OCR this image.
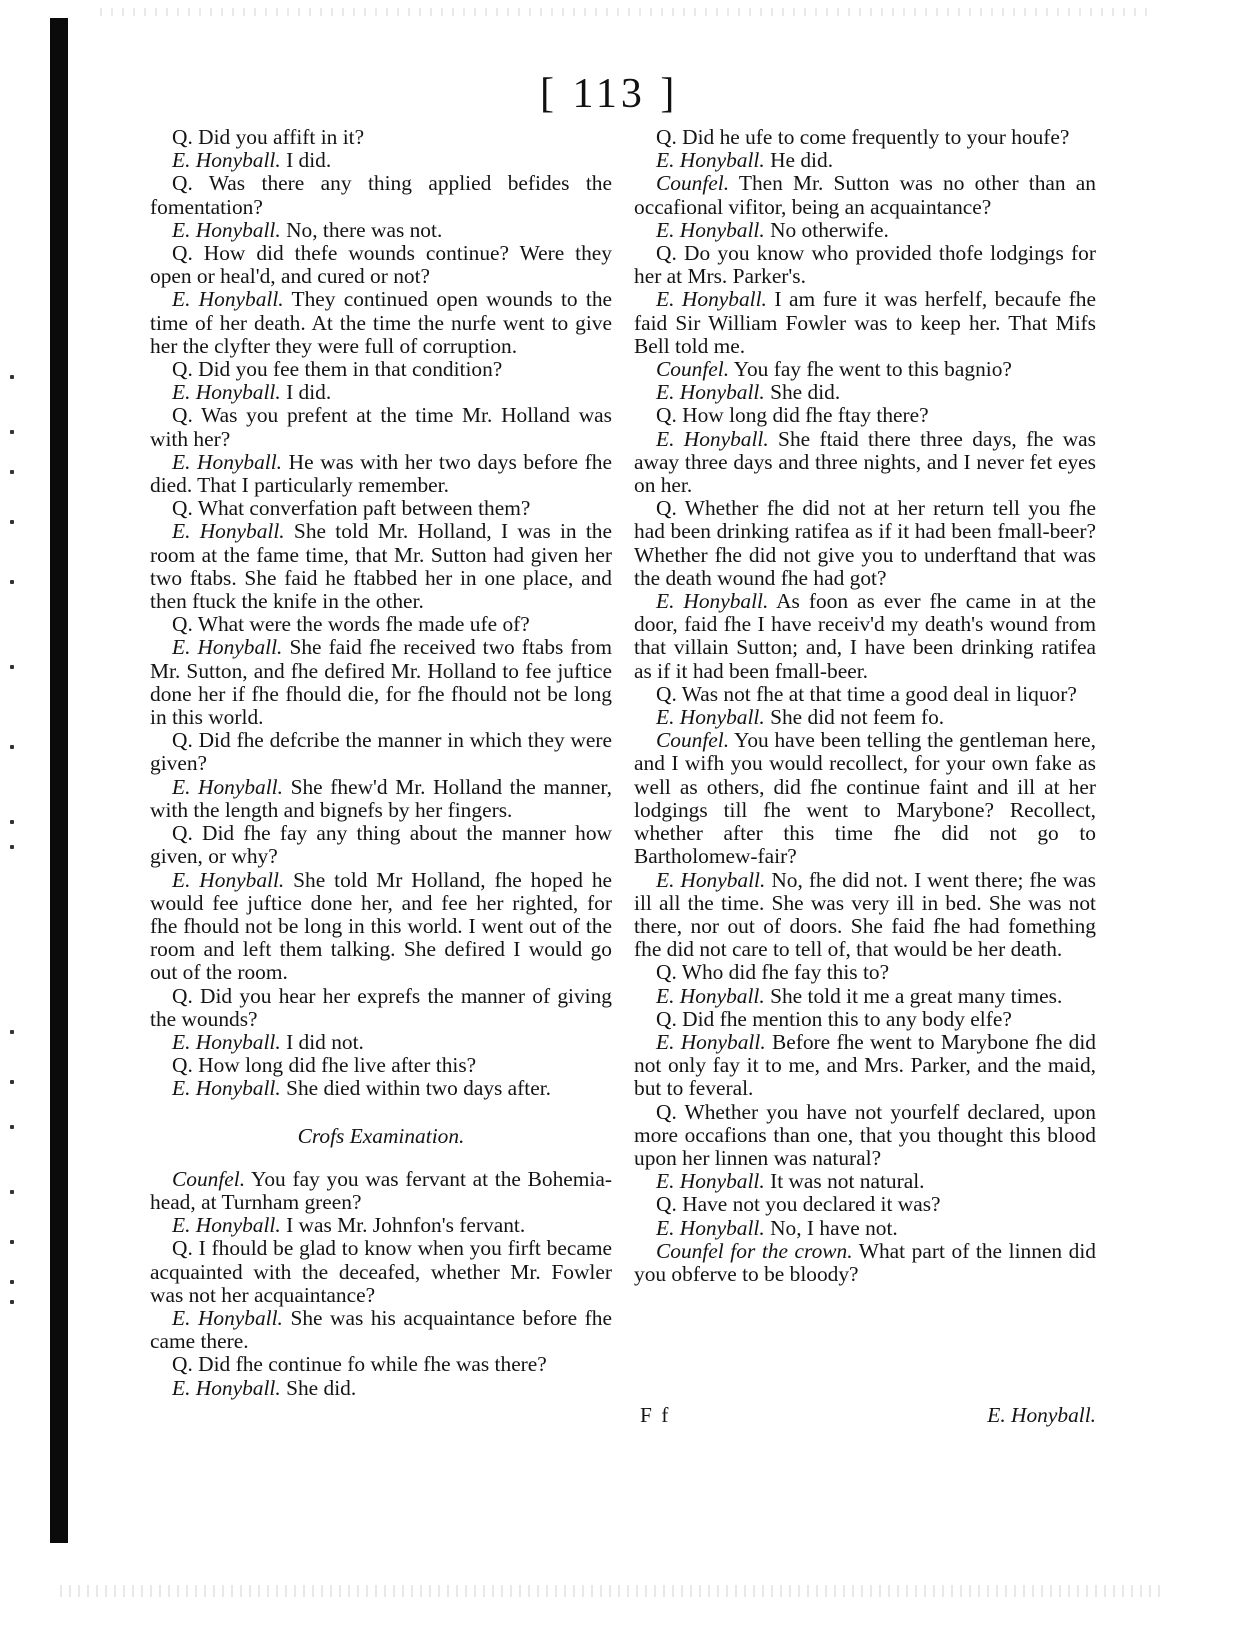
[ 113 ]

Q. Did you affift in it?

E. Honyball. I did.

Q. Was there any thing applied befides the fomentation?

E. Honyball. No, there was not.

Q. How did thefe wounds continue? Were they open or heal'd, and cured or not?

E. Honyball. They continued open wounds to the time of her death. At the time the nurfe went to give her the clyfter they were full of corruption.

Q. Did you fee them in that condition?

E. Honyball. I did.

Q. Was you prefent at the time Mr. Holland was with her?

E. Honyball. He was with her two days before fhe died. That I particularly remember.

Q. What converfation paft between them?

E. Honyball. She told Mr. Holland, I was in the room at the fame time, that Mr. Sutton had given her two ftabs. She faid he ftabbed her in one place, and then ftuck the knife in the other.

Q. What were the words fhe made ufe of?

E. Honyball. She faid fhe received two ftabs from Mr. Sutton, and fhe defired Mr. Holland to fee juftice done her if fhe fhould die, for fhe fhould not be long in this world.

Q. Did fhe defcribe the manner in which they were given?

E. Honyball. She fhew'd Mr. Holland the manner, with the length and bignefs by her fingers.

Q. Did fhe fay any thing about the manner how given, or why?

E. Honyball. She told Mr Holland, fhe hoped he would fee juftice done her, and fee her righted, for fhe fhould not be long in this world. I went out of the room and left them talking. She defired I would go out of the room.

Q. Did you hear her exprefs the manner of giving the wounds?

E. Honyball. I did not.

Q. How long did fhe live after this?

E. Honyball. She died within two days after.

Crofs Examination.

Counfel. You fay you was fervant at the Bohemia-head, at Turnham green?

E. Honyball. I was Mr. Johnfon's fervant.

Q. I fhould be glad to know when you firft became acquainted with the deceafed, whether Mr. Fowler was not her acquaintance?

E. Honyball. She was his acquaintance before fhe came there.

Q. Did fhe continue fo while fhe was there?

E. Honyball. She did.

Q. Did he ufe to come frequently to your houfe?

E. Honyball. He did.

Counfel. Then Mr. Sutton was no other than an occafional vifitor, being an acquaintance?

E. Honyball. No otherwife.

Q. Do you know who provided thofe lodgings for her at Mrs. Parker's.

E. Honyball. I am fure it was herfelf, becaufe fhe faid Sir William Fowler was to keep her. That Mifs Bell told me.

Counfel. You fay fhe went to this bagnio?

E. Honyball. She did.

Q. How long did fhe ftay there?

E. Honyball. She ftaid there three days, fhe was away three days and three nights, and I never fet eyes on her.

Q. Whether fhe did not at her return tell you fhe had been drinking ratifea as if it had been fmall-beer? Whether fhe did not give you to underftand that was the death wound fhe had got?

E. Honyball. As foon as ever fhe came in at the door, faid fhe I have receiv'd my death's wound from that villain Sutton; and, I have been drinking ratifea as if it had been fmall-beer.

Q. Was not fhe at that time a good deal in liquor?

E. Honyball. She did not feem fo.

Counfel. You have been telling the gentleman here, and I wifh you would recollect, for your own fake as well as others, did fhe continue faint and ill at her lodgings till fhe went to Marybone? Recollect, whether after this time fhe did not go to Bartholomew-fair?

E. Honyball. No, fhe did not. I went there; fhe was ill all the time. She was very ill in bed. She was not there, nor out of doors. She faid fhe had fomething fhe did not care to tell of, that would be her death.

Q. Who did fhe fay this to?

E. Honyball. She told it me a great many times.

Q. Did fhe mention this to any body elfe?

E. Honyball. Before fhe went to Marybone fhe did not only fay it to me, and Mrs. Parker, and the maid, but to feveral.

Q. Whether you have not yourfelf declared, upon more occafions than one, that you thought this blood upon her linnen was natural?

E. Honyball. It was not natural.

Q. Have not you declared it was?

E. Honyball. No, I have not.

Counfel for the crown. What part of the linnen did you obferve to be bloody?

F f	E. Honyball.
